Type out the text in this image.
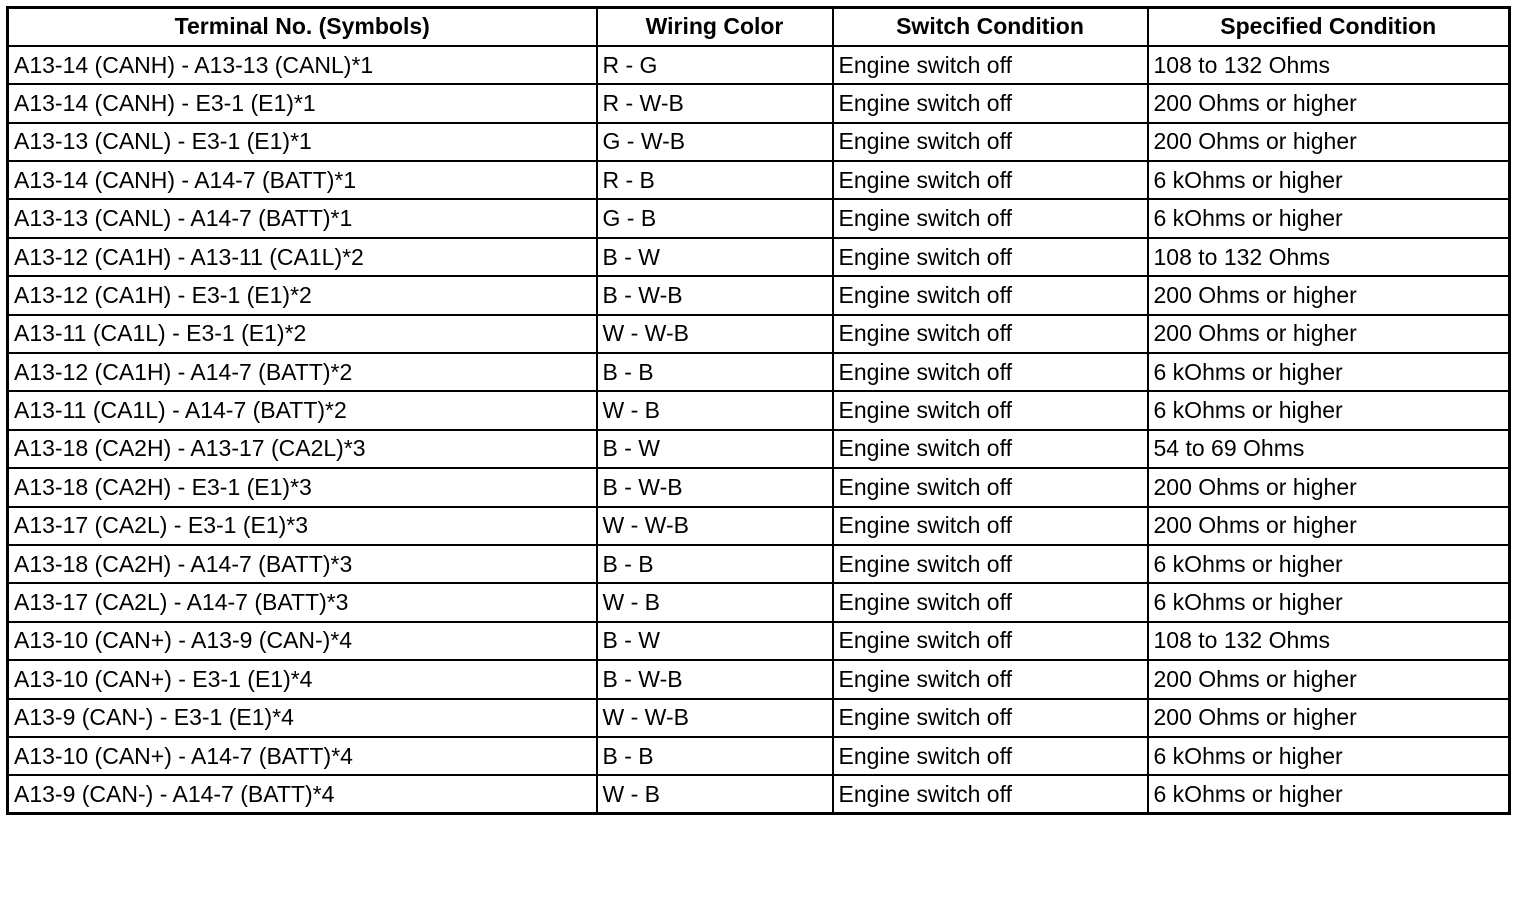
Terminal No. (Symbols)	Wiring Color	Switch Condition	Specified Condition
A13-14 (CANH) - A13-13 (CANL)*1	R - G	Engine switch off	108 to 132 Ohms
A13-14 (CANH) - E3-1 (E1)*1	R - W-B	Engine switch off	200 Ohms or higher
A13-13 (CANL) - E3-1 (E1)*1	G - W-B	Engine switch off	200 Ohms or higher
A13-14 (CANH) - A14-7 (BATT)*1	R - B	Engine switch off	6 kOhms or higher
A13-13 (CANL) - A14-7 (BATT)*1	G - B	Engine switch off	6 kOhms or higher
A13-12 (CA1H) - A13-11 (CA1L)*2	B - W	Engine switch off	108 to 132 Ohms
A13-12 (CA1H) - E3-1 (E1)*2	B - W-B	Engine switch off	200 Ohms or higher
A13-11 (CA1L) - E3-1 (E1)*2	W - W-B	Engine switch off	200 Ohms or higher
A13-12 (CA1H) - A14-7 (BATT)*2	B - B	Engine switch off	6 kOhms or higher
A13-11 (CA1L) - A14-7 (BATT)*2	W - B	Engine switch off	6 kOhms or higher
A13-18 (CA2H) - A13-17 (CA2L)*3	B - W	Engine switch off	54 to 69 Ohms
A13-18 (CA2H) - E3-1 (E1)*3	B - W-B	Engine switch off	200 Ohms or higher
A13-17 (CA2L) - E3-1 (E1)*3	W - W-B	Engine switch off	200 Ohms or higher
A13-18 (CA2H) - A14-7 (BATT)*3	B - B	Engine switch off	6 kOhms or higher
A13-17 (CA2L) - A14-7 (BATT)*3	W - B	Engine switch off	6 kOhms or higher
A13-10 (CAN+) - A13-9 (CAN-)*4	B - W	Engine switch off	108 to 132 Ohms
A13-10 (CAN+) - E3-1 (E1)*4	B - W-B	Engine switch off	200 Ohms or higher
A13-9 (CAN-) - E3-1 (E1)*4	W - W-B	Engine switch off	200 Ohms or higher
A13-10 (CAN+) - A14-7 (BATT)*4	B - B	Engine switch off	6 kOhms or higher
A13-9 (CAN-) - A14-7 (BATT)*4	W - B	Engine switch off	6 kOhms or higher
